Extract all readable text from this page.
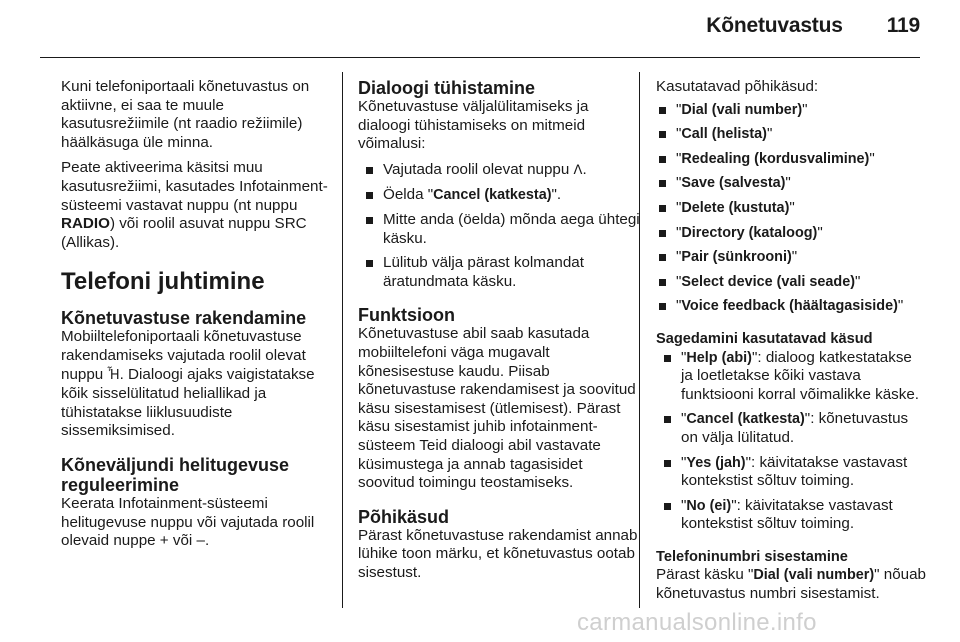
Kõnetuvastus 119

Kuni telefoniportaali kõnetuvastus on aktiivne, ei saa te muule kasutusrežiimile (nt raadio režiimile) häälkäsuga üle minna.

Peate aktiveerima käsitsi muu kasutusrežiimi, kasutades Infotainment-süsteemi vastavat nuppu (nt nuppu RADIO) või roolil asuvat nuppu SRC (Allikas).

Telefoni juhtimine
Kõnetuvastuse rakendamine

Mobiiltelefoniportaali kõnetuvastuse rakendamiseks vajutada roolil olevat nuppu Ἦ. Dialoogi ajaks vaigistatakse kõik sisselülitatud heliallikad ja tühistatakse liiklusuudiste sissemiksimised.

Kõneväljundi helitugevuse reguleerimine

Keerata Infotainment-süsteemi helitugevuse nuppu või vajutada roolil olevaid nuppe + või –.

Dialoogi tühistamine

Kõnetuvastuse väljalülitamiseks ja dialoogi tühistamiseks on mitmeid võimalusi:

Vajutada roolil olevat nuppu ⴷ.
Öelda "Cancel (katkesta)".
Mitte anda (öelda) mõnda aega ühtegi käsku.
Lülitub välja pärast kolmandat äratundmata käsku.
Funktsioon

Kõnetuvastuse abil saab kasutada mobiiltelefoni väga mugavalt kõnesisestuse kaudu. Piisab kõnetuvastuse rakendamisest ja soovitud käsu sisestamisest (ütlemisest). Pärast käsu sisestamist juhib infotainment-süsteem Teid dialoogi abil vastavate küsimustega ja annab tagasisidet soovitud toimingu teostamiseks.

Põhikäsud

Pärast kõnetuvastuse rakendamist annab lühike toon märku, et kõnetuvastus ootab sisestust.

Kasutatavad põhikäsud:

"Dial (vali number)"
"Call (helista)"
"Redealing (kordusvalimine)"
"Save (salvesta)"
"Delete (kustuta)"
"Directory (kataloog)"
"Pair (sünkrooni)"
"Select device (vali seade)"
"Voice feedback (häältagasiside)"
Sagedamini kasutatavad käsud
"Help (abi)": dialoog katkestatakse ja loetletakse kõiki vastava funktsiooni korral võimalikke käske.
"Cancel (katkesta)": kõnetuvastus on välja lülitatud.
"Yes (jah)": käivitatakse vastavast kontekstist sõltuv toiming.
"No (ei)": käivitatakse vastavast kontekstist sõltuv toiming.
Telefoninumbri sisestamine

Pärast käsku "Dial (vali number)" nõuab kõnetuvastus numbri sisestamist.

carmanualsonline.info
